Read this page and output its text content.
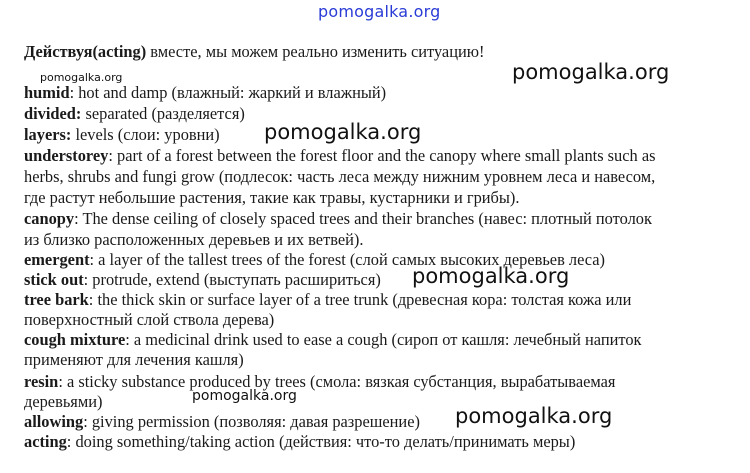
pomogalka.org
Действуя(acting) вместе, мы можем реально изменить ситуацию!
pomogalka.org	pomogalka.org
humid: hot and damp (влажный: жаркий и влажный)
divided: separated (разделяется)
layers: levels (слои: уровни) pomogalka.org
understorey: part of a forest between the forest floor and the canopy where small plants such as
herbs, shrubs and fungi grow (подлесок: часть леса между нижним уровнем леса и навесом,
где растут небольшие растения, такие как травы, кустарники и грибы).
canopy: The dense ceiling of closely spaced trees and their branches (навес: плотный потолок
из близко расположенных деревьев и их ветвей).
emergent: a layer of the tallest trees of the forest (слой самых высоких деревьев леса)
stick out: protrude, extend (выступать расшириться) pomogalka.org
tree bark: the thick skin or surface layer of a tree trunk (древесная кора: толстая кожа или
поверхностный слой ствола дерева)
cough mixture: a medicinal drink used to ease a cough (сироп от кашля: лечебный напиток
применяют для лечения кашля)
resin: a sticky substance produced by trees (смола: вязкая субстанция, вырабатываемая
деревьями)	pomogalka.org
allowing: giving permission (позволяя: давая разрешение) pomogalka.org
acting: doing something/taking action (действия: что-то делать/принимать меры)
pomogalka.org
